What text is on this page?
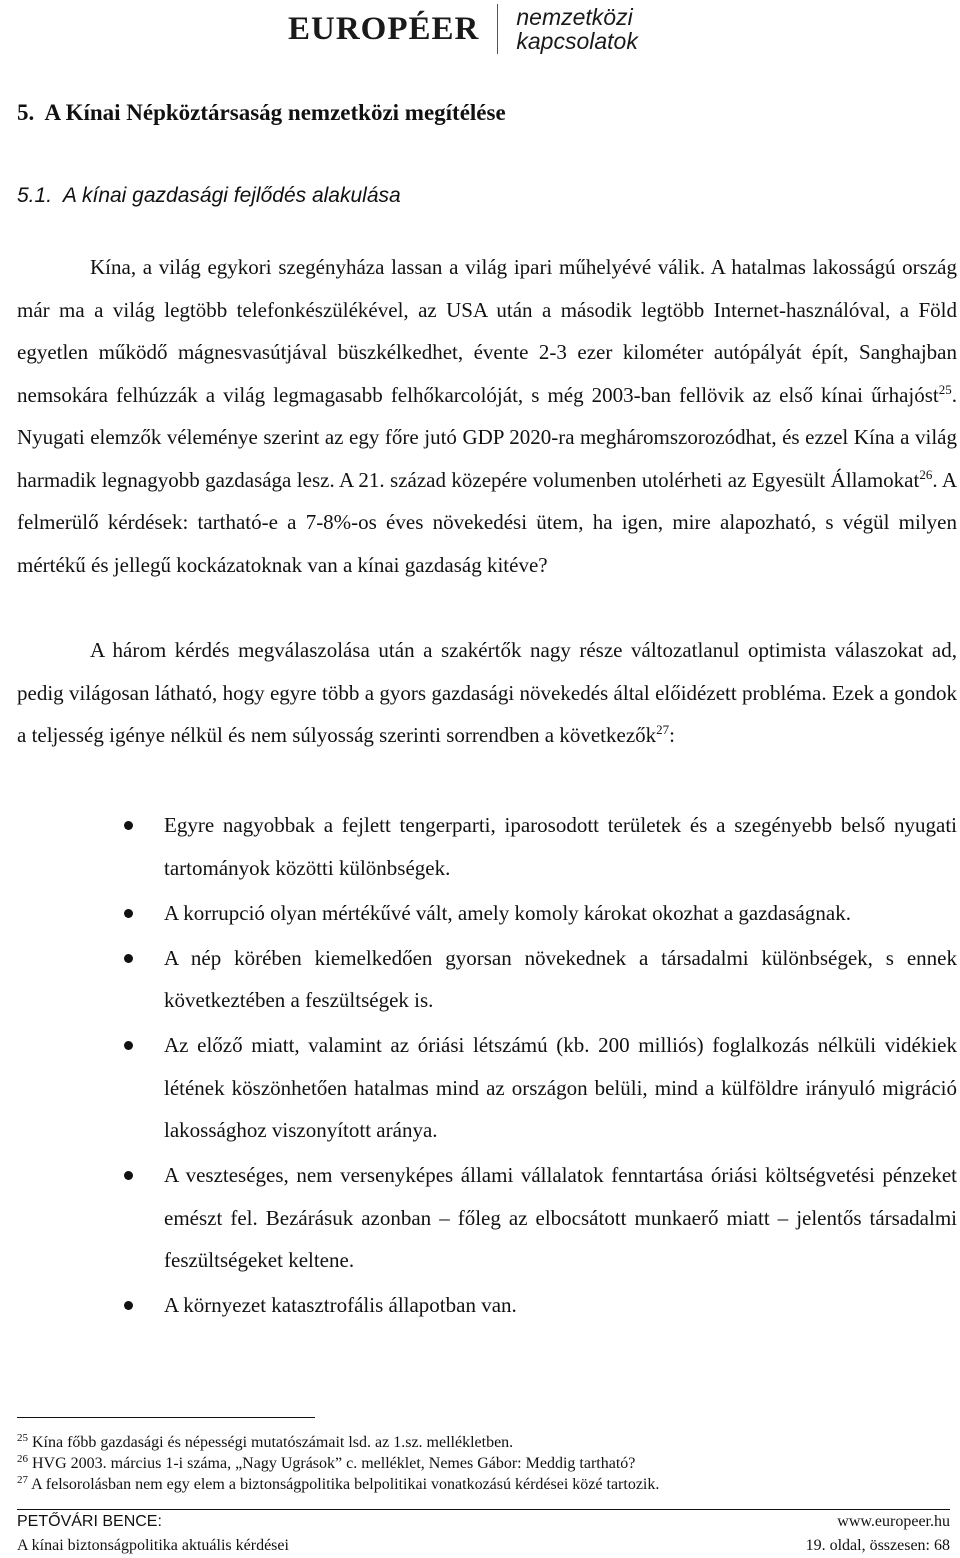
EUROPÉER nemzetközi
kapcsolatok
5.  A Kínai Népköztársaság nemzetközi megítélése
5.1.  A kínai gazdasági fejlődés alakulása

Kína, a világ egykori szegényháza lassan a világ ipari műhelyévé válik. A hatalmas lakosságú ország már ma a világ legtöbb telefonkészülékével, az USA után a második legtöbb Internet-használóval, a Föld egyetlen működő mágnesvasútjával büszkélkedhet, évente 2-3 ezer kilométer autópályát épít, Sanghajban nemsokára felhúzzák a világ legmagasabb felhőkarcolóját, s még 2003-ban fellövik az első kínai űrhajóst$^{25}$. Nyugati elemzők véleménye szerint az egy főre jutó GDP 2020-ra megháromszorozódhat, és ezzel Kína a világ harmadik legnagyobb gazdasága lesz. A 21. század közepére volumenben utolérheti az Egyesült Államokat$^{26}$. A felmerülő kérdések: tartható-e a 7-8%-os éves növekedési ütem, ha igen, mire alapozható, s végül milyen mértékű és jellegű kockázatoknak van a kínai gazdaság kitéve?

A három kérdés megválaszolása után a szakértők nagy része változatlanul optimista válaszokat ad, pedig világosan látható, hogy egyre több a gyors gazdasági növekedés által előidézett probléma. Ezek a gondok a teljesség igénye nélkül és nem súlyosság szerinti sorrendben a következők$^{27}$:

Egyre nagyobbak a fejlett tengerparti, iparosodott területek és a szegényebb belső nyugati tartományok közötti különbségek.
A korrupció olyan mértékűvé vált, amely komoly károkat okozhat a gazdaságnak.
A nép körében kiemelkedően gyorsan növekednek a társadalmi különbségek, s ennek következtében a feszültségek is.
Az előző miatt, valamint az óriási létszámú (kb. 200 milliós) foglalkozás nélküli vidékiek létének köszönhetően hatalmas mind az országon belüli, mind a külföldre irányuló migráció lakossághoz viszonyított aránya.
A veszteséges, nem versenyképes állami vállalatok fenntartása óriási költségvetési pénzeket emészt fel. Bezárásuk azonban – főleg az elbocsátott munkaerő miatt – jelentős társadalmi feszültségeket keltene.
A környezet katasztrofális állapotban van.
$^{25}$ Kína főbb gazdasági és népességi mutatószámait lsd. az 1.sz. mellékletben.
$^{26}$ HVG 2003. március 1-i száma, „Nagy Ugrások” c. melléklet, Nemes Gábor: Meddig tartható?
$^{27}$ A felsorolásban nem egy elem a biztonságpolitika belpolitikai vonatkozású kérdései közé tartozik.
PETŐVÁRI BENCE:	www.europeer.hu
A kínai biztonságpolitika aktuális kérdései	19. oldal, összesen: 68
